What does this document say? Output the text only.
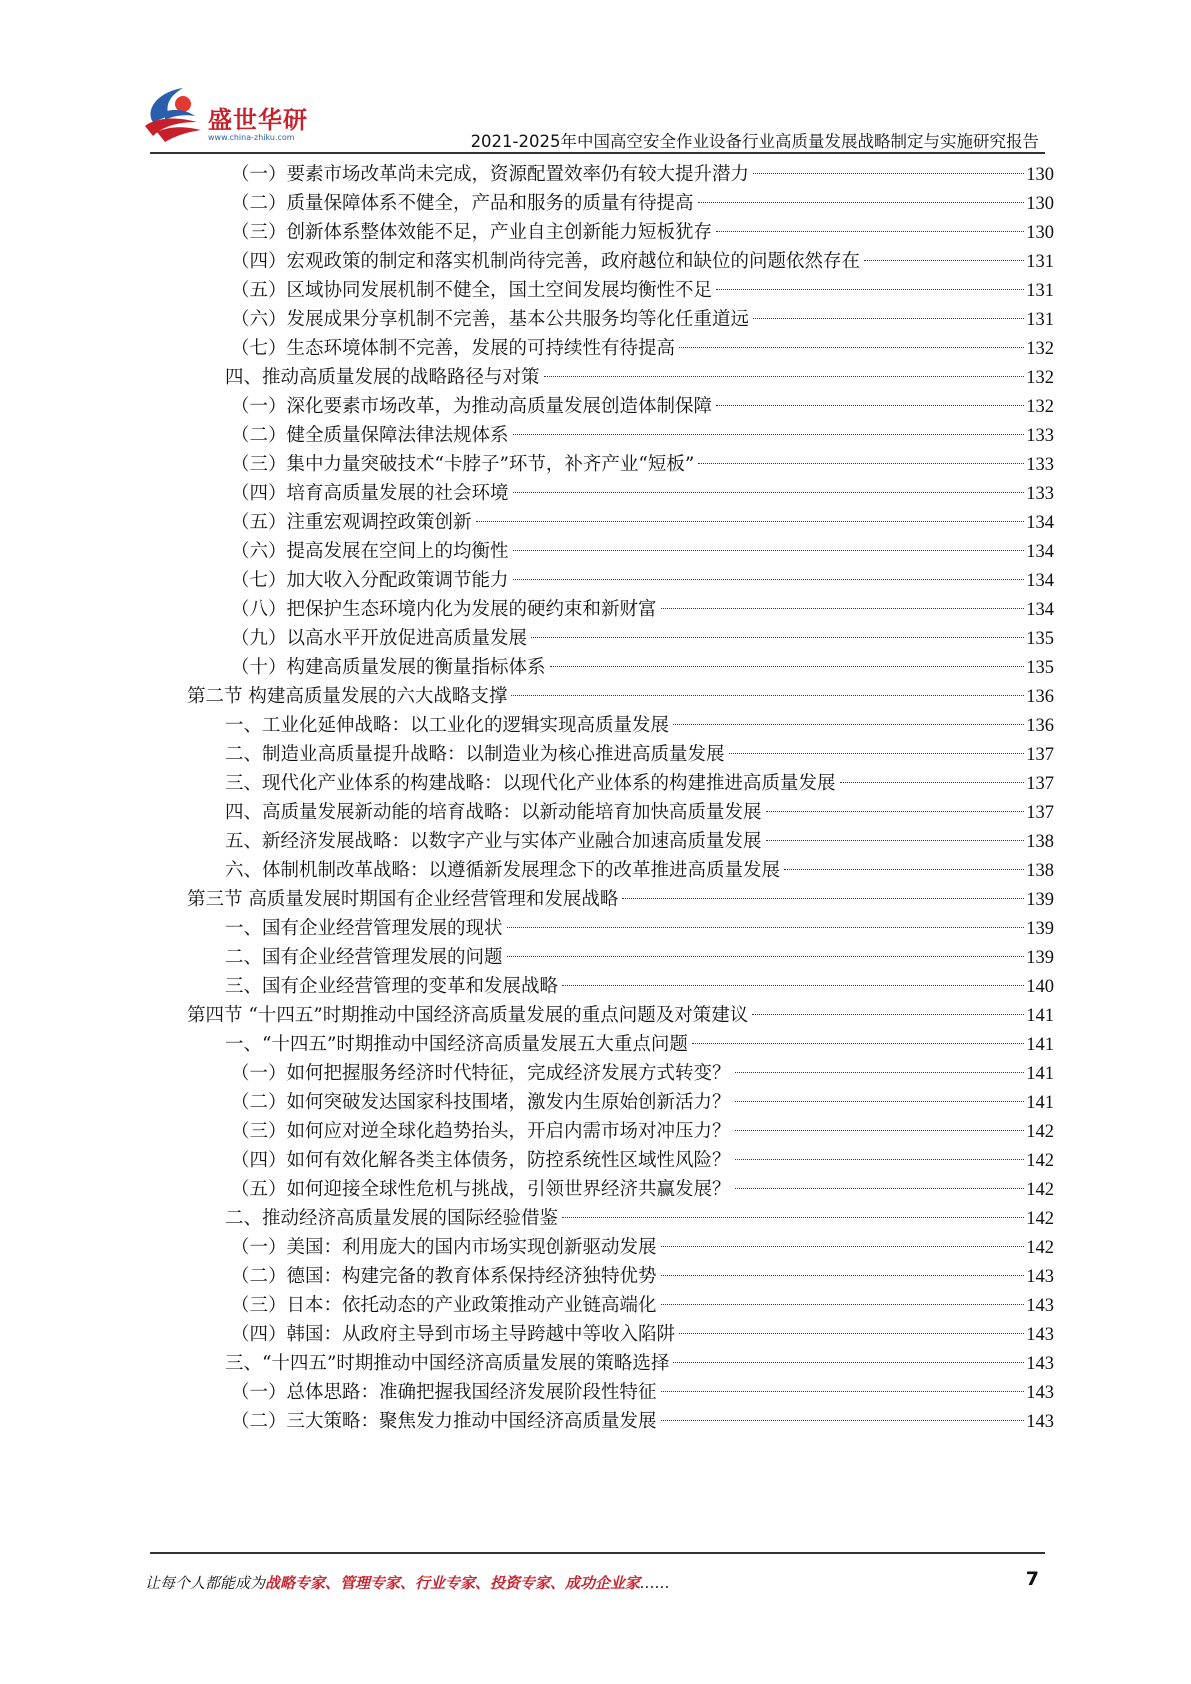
盛世华研
www.china-zhiku.com	2021-2025年中国高空安全作业设备行业高质量发展战略制定与实施研究报告
（一）要素市场改革尚未完成，资源配置效率仍有较大提升潜力	130
（二）质量保障体系不健全，产品和服务的质量有待提高	130
（三）创新体系整体效能不足，产业自主创新能力短板犹存	130
（四）宏观政策的制定和落实机制尚待完善，政府越位和缺位的问题依然存在	131
（五）区域协同发展机制不健全，国土空间发展均衡性不足	131
（六）发展成果分享机制不完善，基本公共服务均等化任重道远	131
（七）生态环境体制不完善，发展的可持续性有待提高	132
四、推动高质量发展的战略路径与对策	132
（一）深化要素市场改革，为推动高质量发展创造体制保障	132
（二）健全质量保障法律法规体系	133
（三）集中力量突破技术“卡脖子”环节，补齐产业“短板”	133
（四）培育高质量发展的社会环境	133
（五）注重宏观调控政策创新	134
（六）提高发展在空间上的均衡性	134
（七）加大收入分配政策调节能力	134
（八）把保护生态环境内化为发展的硬约束和新财富	134
（九）以高水平开放促进高质量发展	135
（十）构建高质量发展的衡量指标体系	135
第二节 构建高质量发展的六大战略支撑	136
一、工业化延伸战略：以工业化的逻辑实现高质量发展	136
二、制造业高质量提升战略：以制造业为核心推进高质量发展	137
三、现代化产业体系的构建战略：以现代化产业体系的构建推进高质量发展	137
四、高质量发展新动能的培育战略：以新动能培育加快高质量发展	137
五、新经济发展战略：以数字产业与实体产业融合加速高质量发展	138
六、体制机制改革战略：以遵循新发展理念下的改革推进高质量发展	138
第三节 高质量发展时期国有企业经营管理和发展战略	139
一、国有企业经营管理发展的现状	139
二、国有企业经营管理发展的问题	139
三、国有企业经营管理的变革和发展战略	140
第四节 “十四五”时期推动中国经济高质量发展的重点问题及对策建议	141
一、“十四五”时期推动中国经济高质量发展五大重点问题	141
（一）如何把握服务经济时代特征，完成经济发展方式转变？	141
（二）如何突破发达国家科技围堵，激发内生原始创新活力？	141
（三）如何应对逆全球化趋势抬头，开启内需市场对冲压力？	142
（四）如何有效化解各类主体债务，防控系统性区域性风险？	142
（五）如何迎接全球性危机与挑战，引领世界经济共赢发展？	142
二、推动经济高质量发展的国际经验借鉴	142
（一）美国：利用庞大的国内市场实现创新驱动发展	142
（二）德国：构建完备的教育体系保持经济独特优势	143
（三）日本：依托动态的产业政策推动产业链高端化	143
（四）韩国：从政府主导到市场主导跨越中等收入陷阱	143
三、“十四五”时期推动中国经济高质量发展的策略选择	143
（一）总体思路：准确把握我国经济发展阶段性特征	143
（二）三大策略：聚焦发力推动中国经济高质量发展	143
让每个人都能成为战略专家、管理专家、行业专家、投资专家、成功企业家……	7
